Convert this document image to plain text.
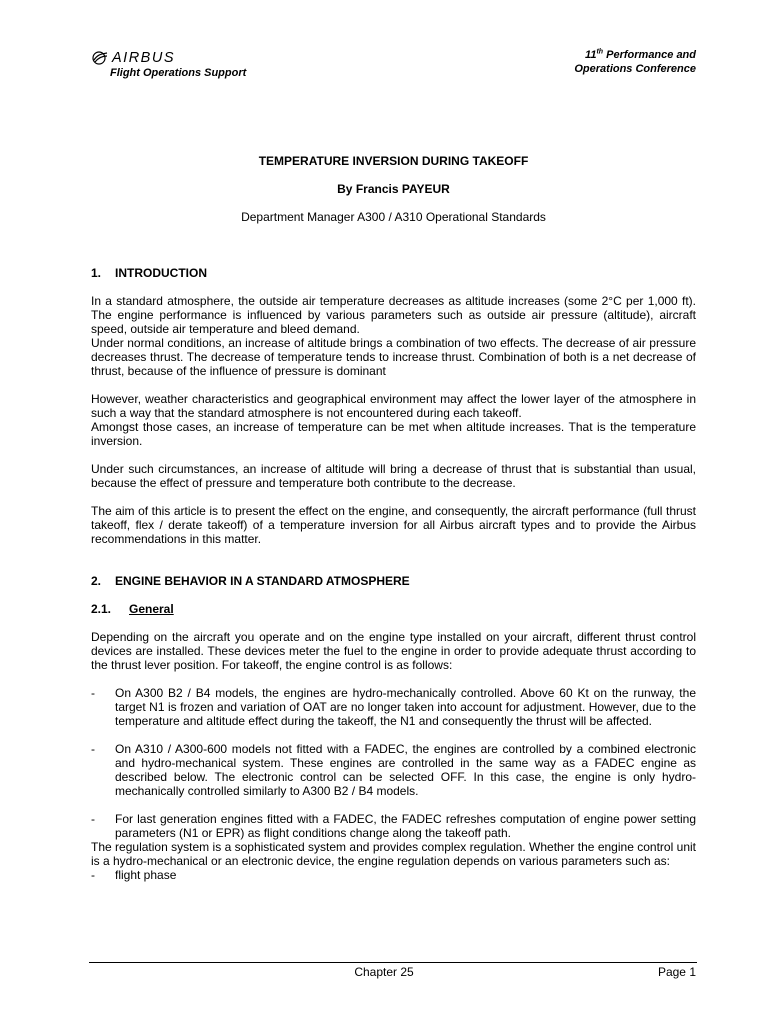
AIRBUS
Flight Operations Support
11th Performance and
Operations Conference
TEMPERATURE INVERSION DURING TAKEOFF
By Francis PAYEUR
Department Manager A300 / A310 Operational Standards
1.	INTRODUCTION

In a standard atmosphere, the outside air temperature decreases as altitude increases (some 2°C per 1,000 ft). The engine performance is influenced by various parameters such as outside air pressure (altitude), aircraft speed, outside air temperature and bleed demand.

Under normal conditions, an increase of altitude brings a combination of two effects. The decrease of air pressure decreases thrust. The decrease of temperature tends to increase thrust. Combination of both is a net decrease of thrust, because of the influence of pressure is dominant

However, weather characteristics and geographical environment may affect the lower layer of the atmosphere in such a way that the standard atmosphere is not encountered during each takeoff.

Amongst those cases, an increase of temperature can be met when altitude increases. That is the temperature inversion.

Under such circumstances, an increase of altitude will bring a decrease of thrust that is substantial than usual, because the effect of pressure and temperature both contribute to the decrease.

The aim of this article is to present the effect on the engine, and consequently, the aircraft performance (full thrust takeoff, flex / derate takeoff) of a temperature inversion for all Airbus aircraft types and to provide the Airbus recommendations in this matter.

2.	ENGINE BEHAVIOR IN A STANDARD ATMOSPHERE
2.1.	General

Depending on the aircraft you operate and on the engine type installed on your aircraft, different thrust control devices are installed. These devices meter the fuel to the engine in order to provide adequate thrust according to the thrust lever position. For takeoff, the engine control is as follows:

-	On A300 B2 / B4 models, the engines are hydro-mechanically controlled. Above 60 Kt on the runway, the target N1 is frozen and variation of OAT are no longer taken into account for adjustment. However, due to the temperature and altitude effect during the takeoff, the N1 and consequently the thrust will be affected.
-	On A310 / A300-600 models not fitted with a FADEC, the engines are controlled by a combined electronic and hydro-mechanical system. These engines are controlled in the same way as a FADEC engine as described below. The electronic control can be selected OFF. In this case, the engine is only hydro-mechanically controlled similarly to A300 B2 / B4 models.
-	For last generation engines fitted with a FADEC, the FADEC refreshes computation of engine power setting parameters (N1 or EPR) as flight conditions change along the takeoff path.

The regulation system is a sophisticated system and provides complex regulation. Whether the engine control unit is a hydro-mechanical or an electronic device, the engine regulation depends on various parameters such as:

-	flight phase
Chapter 25	Page 1
